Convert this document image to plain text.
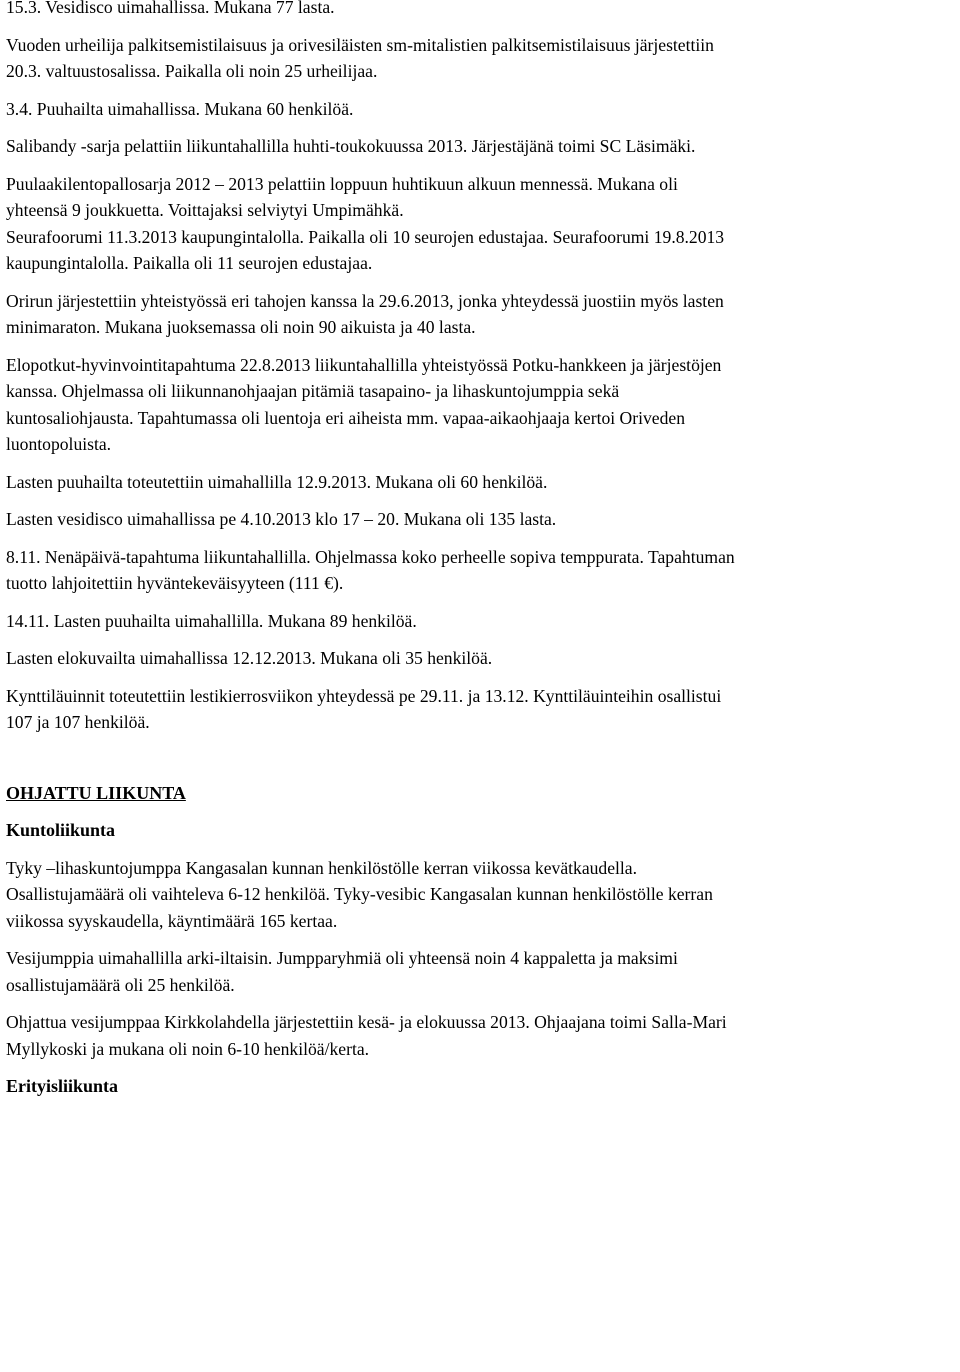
15.3. Vesidisco uimahallissa. Mukana 77 lasta.

Vuoden urheilija palkitsemistilaisuus ja orivesiläisten sm-mitalistien palkitsemistilaisuus järjestettiin
20.3. valtuustosalissa. Paikalla oli noin 25 urheilijaa.

3.4. Puuhailta uimahallissa. Mukana 60 henkilöä.

Salibandy -sarja pelattiin liikuntahallilla huhti-toukokuussa 2013. Järjestäjänä toimi SC Läsimäki.

Puulaakilentopallosarja 2012 – 2013 pelattiin loppuun huhtikuun alkuun mennessä. Mukana oli
yhteensä 9 joukkuetta. Voittajaksi selviytyi Umpimähkä.
Seurafoorumi 11.3.2013 kaupungintalolla. Paikalla oli 10 seurojen edustajaa. Seurafoorumi 19.8.2013
kaupungintalolla. Paikalla oli 11 seurojen edustajaa.

Orirun järjestettiin yhteistyössä eri tahojen kanssa la 29.6.2013, jonka yhteydessä juostiin myös lasten
minimaraton. Mukana juoksemassa oli noin 90 aikuista ja 40 lasta.

Elopotkut-hyvinvointitapahtuma 22.8.2013 liikuntahallilla yhteistyössä Potku-hankkeen ja järjestöjen
kanssa. Ohjelmassa oli liikunnanohjaajan pitämiä tasapaino- ja lihaskuntojumppia sekä
kuntosaliohjausta. Tapahtumassa oli luentoja eri aiheista mm. vapaa-aikaohjaaja kertoi Oriveden
luontopoluista.

Lasten puuhailta toteutettiin uimahallilla 12.9.2013. Mukana oli 60 henkilöä.

Lasten vesidisco uimahallissa pe 4.10.2013 klo 17 – 20. Mukana oli 135 lasta.

8.11. Nenäpäivä-tapahtuma liikuntahallilla. Ohjelmassa koko perheelle sopiva temppurata. Tapahtuman
tuotto lahjoitettiin hyväntekeväisyyteen (111 €).

14.11. Lasten puuhailta uimahallilla. Mukana 89 henkilöä.

Lasten elokuvailta uimahallissa 12.12.2013. Mukana oli 35 henkilöä.

Kynttiläuinnit toteutettiin lestikierrosviikon yhteydessä pe 29.11. ja 13.12. Kynttiläuinteihin osallistui
107 ja 107 henkilöä.

OHJATTU LIIKUNTA

Kuntoliikunta

Tyky –lihaskuntojumppa Kangasalan kunnan henkilöstölle kerran viikossa kevätkaudella.
Osallistujamäärä oli vaihteleva 6-12 henkilöä. Tyky-vesibic Kangasalan kunnan henkilöstölle kerran
viikossa syyskaudella, käyntimäärä 165 kertaa.

Vesijumppia uimahallilla arki-iltaisin. Jumpparyhmiä oli yhteensä noin 4 kappaletta ja maksimi
osallistujamäärä oli 25 henkilöä.

Ohjattua vesijumppaa Kirkkolahdella järjestettiin kesä- ja elokuussa 2013. Ohjaajana toimi Salla-Mari
Myllykoski ja mukana oli noin 6-10 henkilöä/kerta.

Erityisliikunta
